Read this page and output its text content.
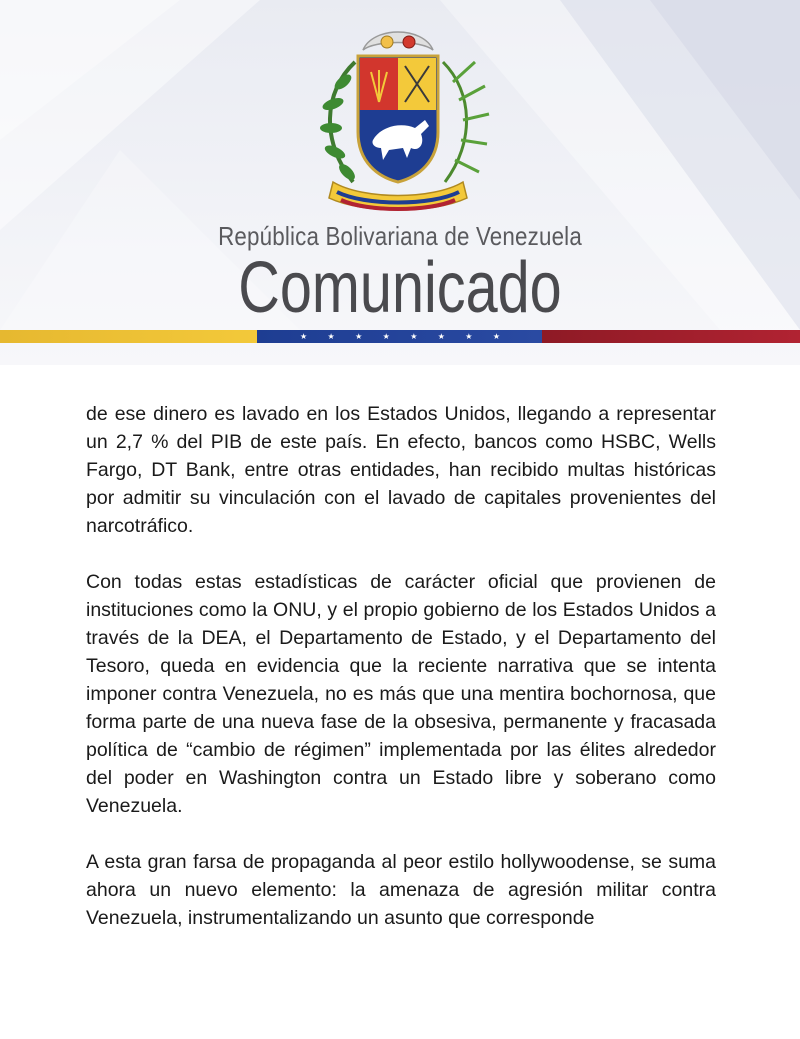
República Bolivariana de Venezuela
Comunicado
★	★	★	★	★	★	★	★

de ese dinero es lavado en los Estados Unidos, llegando a representar un 2,7 % del PIB de este país. En efecto, bancos como HSBC, Wells Fargo, DT Bank, entre otras entidades, han recibido multas históricas por admitir su vinculación con el lavado de capitales provenientes del narcotráfico.

Con todas estas estadísticas de carácter oficial que provienen de instituciones como la ONU, y el propio gobierno de los Estados Unidos a través de la DEA, el Departamento de Estado, y el Departamento del Tesoro, queda en evidencia que la reciente narrativa que se intenta imponer contra Venezuela, no es más que una mentira bochornosa, que forma parte de una nueva fase de la obsesiva, permanente y fracasada política de “cambio de régimen” implementada por las élites alrededor del poder en Washington contra un Estado libre y soberano como Venezuela.

A esta gran farsa de propaganda al peor estilo hollywoodense, se suma ahora un nuevo elemento: la amenaza de agresión militar contra Venezuela, instrumentalizando un asunto que corresponde
